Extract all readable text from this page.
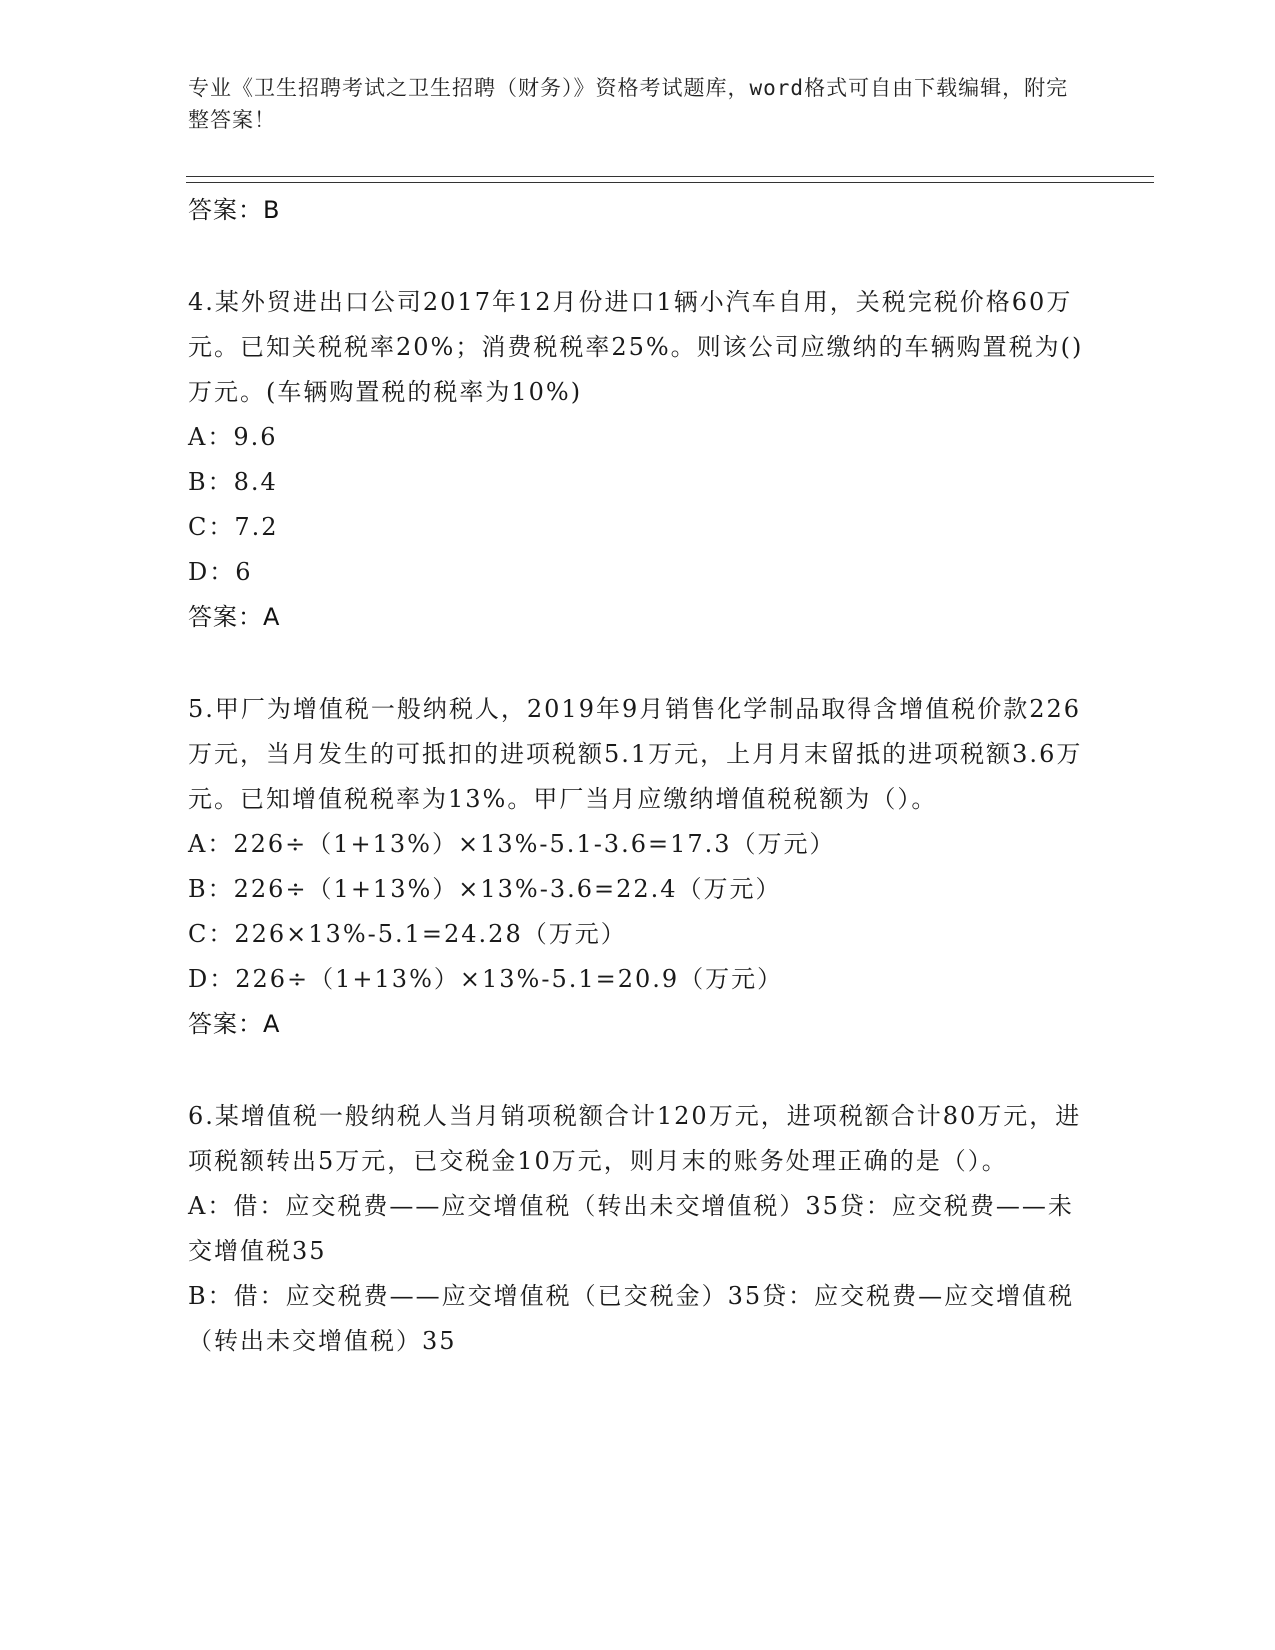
专业《卫生招聘考试之卫生招聘（财务）》资格考试题库，word格式可自由下载编辑，附完整答案！
答案：B
4.某外贸进出口公司2017年12月份进口1辆小汽车自用，关税完税价格60万元。已知关税税率20%；消费税税率25%。则该公司应缴纳的车辆购置税为()万元。(车辆购置税的税率为10%)
A：9.6
B：8.4
C：7.2
D：6
答案：A
5.甲厂为增值税一般纳税人，2019年9月销售化学制品取得含增值税价款226万元，当月发生的可抵扣的进项税额5.1万元，上月月末留抵的进项税额3.6万元。已知增值税税率为13%。甲厂当月应缴纳增值税税额为（）。
A：226÷（1+13%）×13%-5.1-3.6=17.3（万元）
B：226÷（1+13%）×13%-3.6=22.4（万元）
C：226×13%-5.1=24.28（万元）
D：226÷（1+13%）×13%-5.1=20.9（万元）
答案：A
6.某增值税一般纳税人当月销项税额合计120万元，进项税额合计80万元，进项税额转出5万元，已交税金10万元，则月末的账务处理正确的是（）。
A：借：应交税费——应交增值税（转出未交增值税）35贷：应交税费——未交增值税35
B：借：应交税费——应交增值税（已交税金）35贷：应交税费—应交增值税（转出未交增值税）35
